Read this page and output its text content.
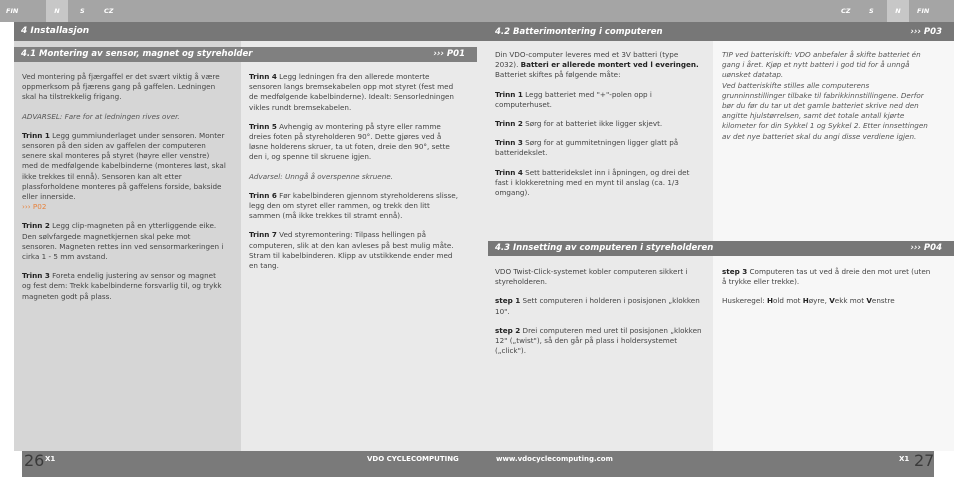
FIN	N	S	CZ
4 Installasjon
4.1 Montering av sensor, magnet og styreholder	››› P01

Ved montering på fjærgaffel er det svært viktig å være oppmerksom på fjærens gang på gaffelen. Ledningen skal ha tilstrekkelig frigang.

ADVARSEL: Fare for at ledningen rives over.

Trinn 1 Legg gummiunderlaget under sensoren. Monter sensoren på den siden av gaffelen der computeren senere skal monteres på styret (høyre eller venstre) med de medfølgende kabelbinderne (monteres løst, skal ikke trekkes til ennå). Sensoren kan alt etter plassforholdene monteres på gaffelens forside, bakside eller innerside.

››› P02

Trinn 2 Legg clip-magneten på en ytterliggende eike. Den sølvfargede magnetkjernen skal peke mot sensoren. Magneten rettes inn ved sensormarkeringen i cirka 1 - 5 mm avstand.

Trinn 3 Foreta endelig justering av sensor og magnet og fest dem: Trekk kabelbinderne forsvarlig til, og trykk magneten godt på plass.

Trinn 4 Legg ledningen fra den allerede monterte sensoren langs bremsekabelen opp mot styret (fest med de medfølgende kabelbinderne). Idealt: Sensorledningen vikles rundt bremsekabelen.

Trinn 5 Avhengig av montering på styre eller ramme dreies foten på styreholderen 90°. Dette gjøres ved å løsne holderens skruer, ta ut foten, dreie den 90°, sette den i, og spenne til skruene igjen.

Advarsel: Unngå å overspenne skruene.

Trinn 6 Før kabelbinderen gjennom styreholderens slisse, legg den om styret eller rammen, og trekk den litt sammen (må ikke trekkes til stramt ennå).

Trinn 7 Ved styremontering: Tilpass hellingen på computeren, slik at den kan avleses på best mulig måte. Stram til kabelbinderen. Klipp av utstikkende ender med en tang.

26 X1	VDO CYCLECOMPUTING
CZ	S	N	FIN
4.2 Batterimontering i computeren	››› P03

Din VDO-computer leveres med et 3V batteri (type 2032). Batteri er allerede montert ved l everingen. Batteriet skiftes på følgende måte:

Trinn 1 Legg batteriet med "+"-polen opp i computerhuset.

Trinn 2 Sørg for at batteriet ikke ligger skjevt.

Trinn 3 Sørg for at gummitetningen ligger glatt på batteridekslet.

Trinn 4 Sett batteridekslet inn i åpningen, og drei det fast i klokkeretning med en mynt til anslag (ca. 1/3 omgang).

TIP ved batteriskift: VDO anbefaler å skifte batteriet én gang i året. Kjøp et nytt batteri i god tid for å unngå uønsket datatap.

Ved batteriskifte stilles alle computerens grunninnstillinger tilbake til fabrikkinnstillingene. Derfor bør du før du tar ut det gamle batteriet skrive ned den angitte hjulstørrelsen, samt det totale antall kjørte kilometer for din Sykkel 1 og Sykkel 2. Etter innsettingen av det nye batteriet skal du angi disse verdiene igjen.

4.3 Innsetting av computeren i styreholderen	››› P04

VDO Twist-Click-systemet kobler computeren sikkert i styreholderen.

step 1 Sett computeren i holderen i posisjonen „klokken 10".

step 2 Drei computeren med uret til posisjonen „klokken 12" („twist"), så den går på plass i holdersystemet („click").

step 3 Computeren tas ut ved å dreie den mot uret (uten å trykke eller trekke).

Huskeregel: Hold mot Høyre, Vekk mot Venstre

www.vdocyclecomputing.com	X1 27
